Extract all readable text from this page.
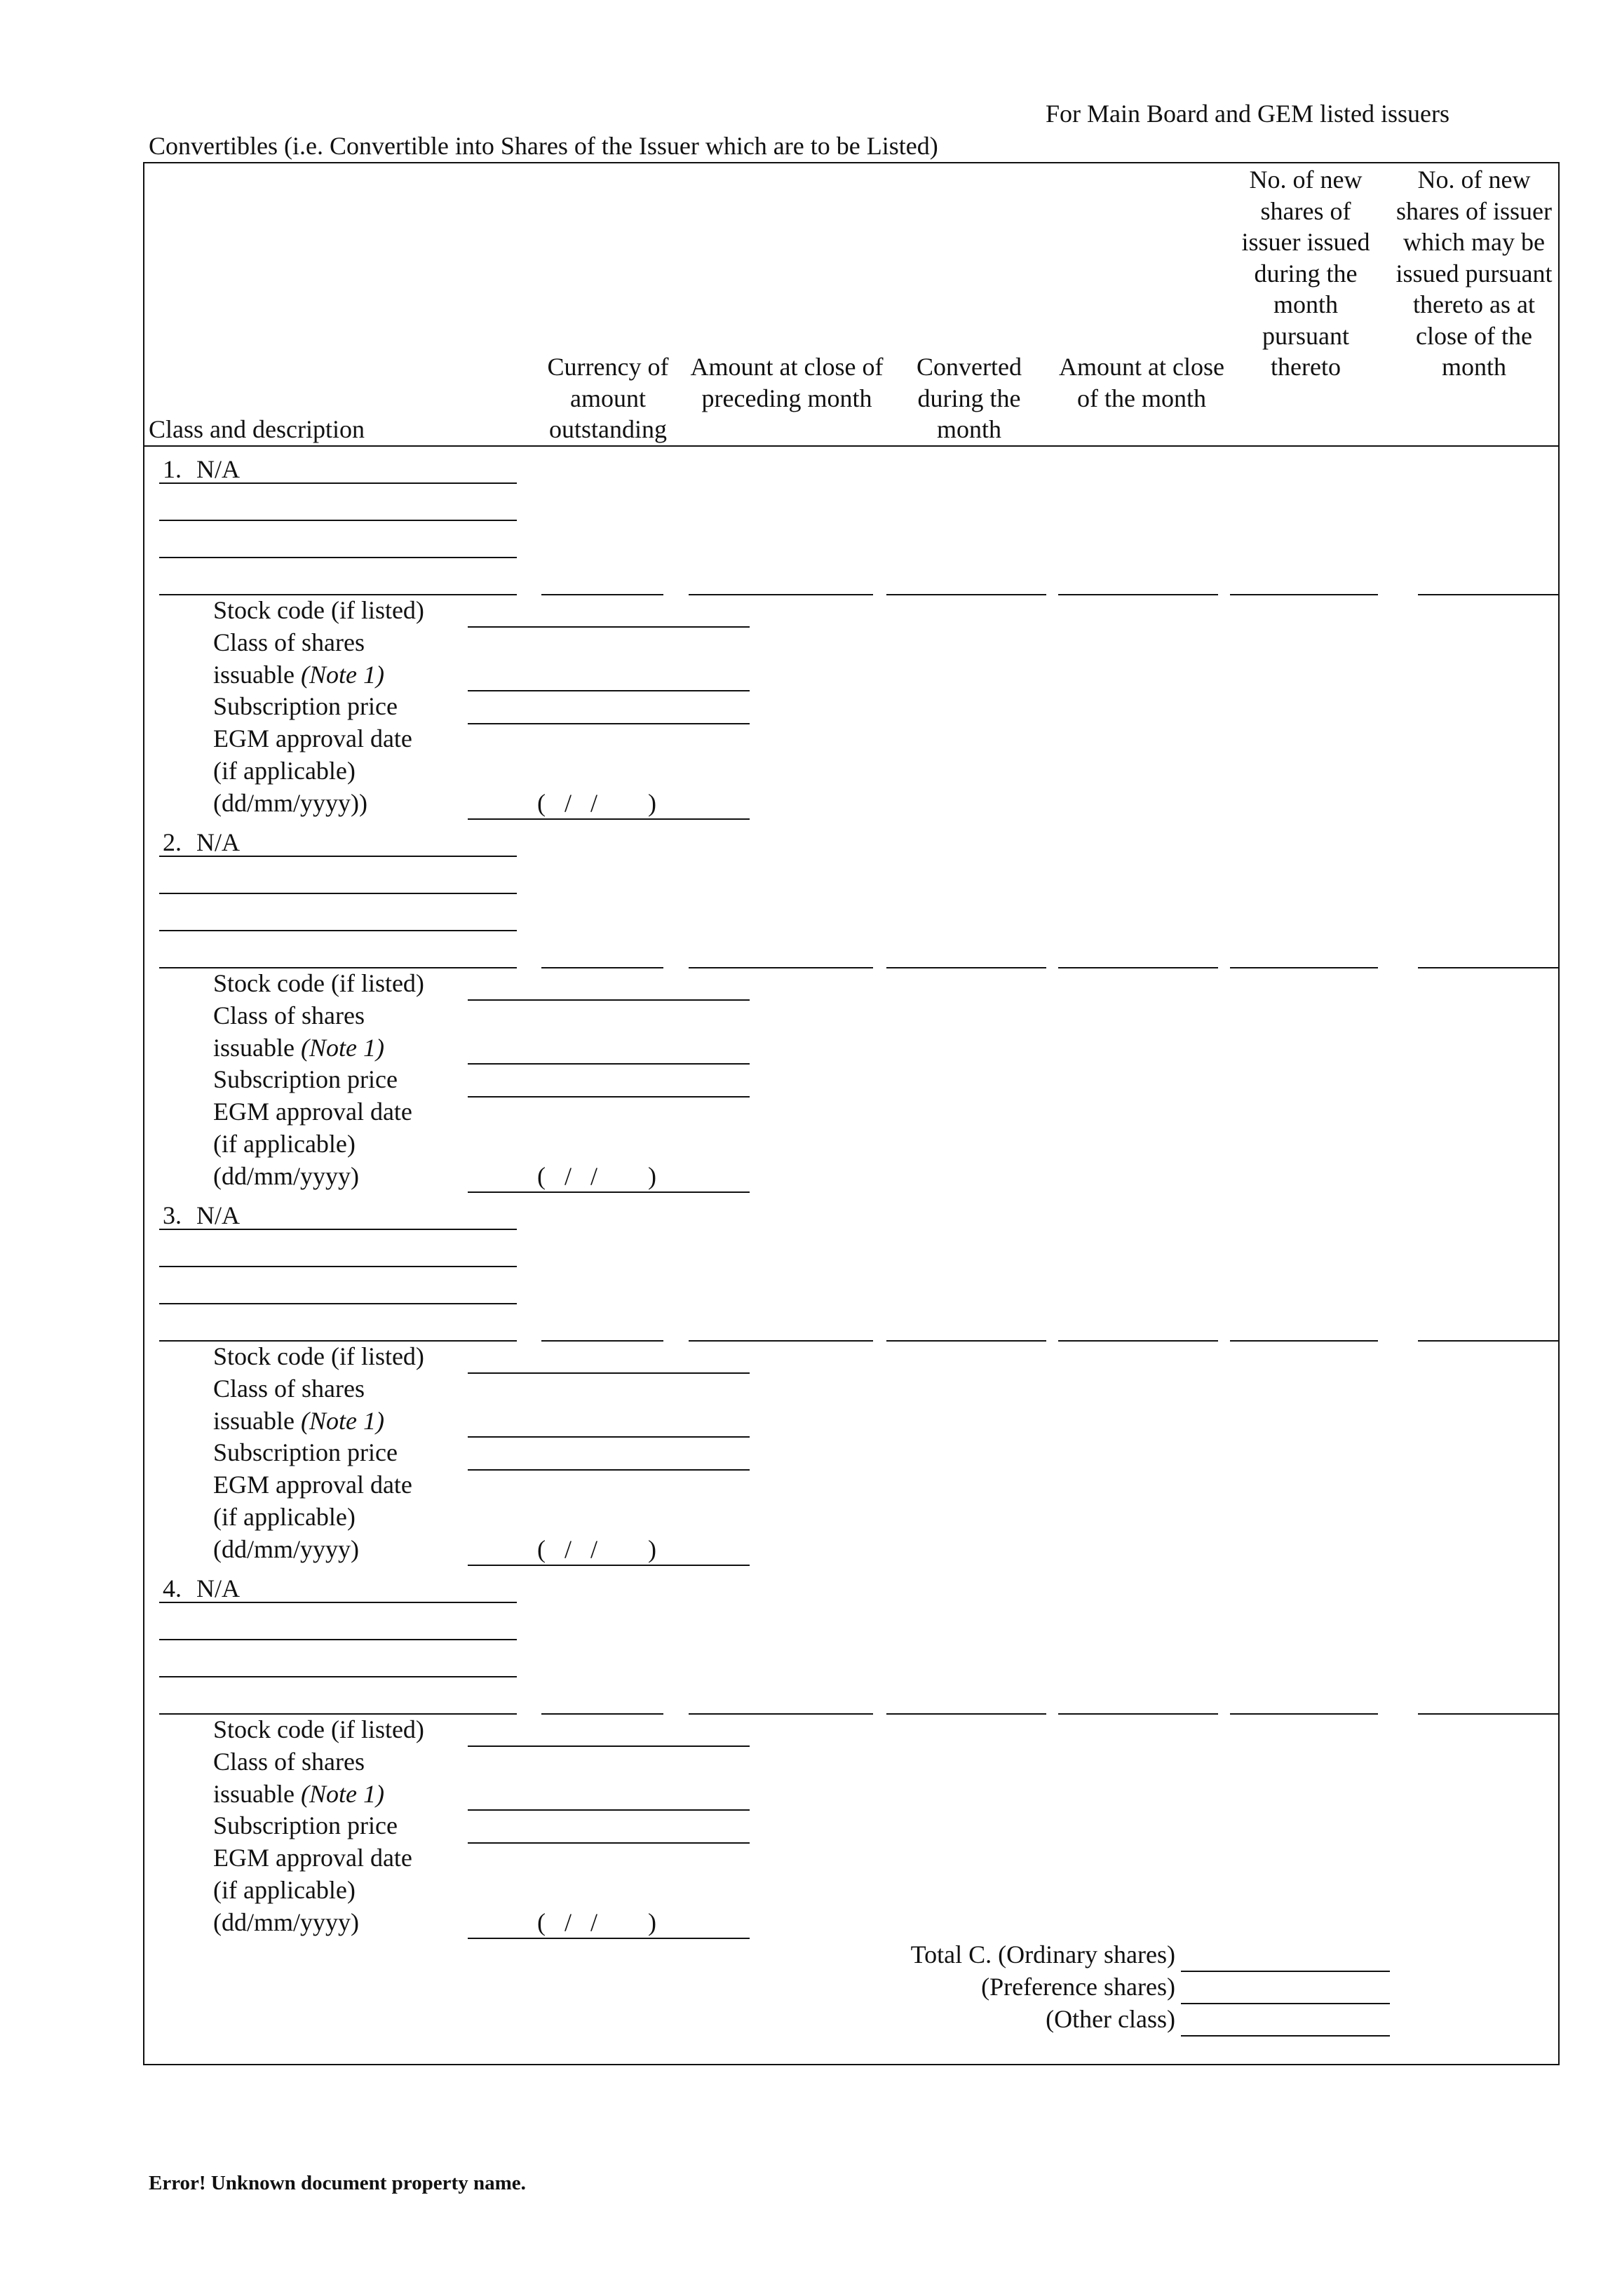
For Main Board and GEM listed issuers
Convertibles (i.e. Convertible into Shares of the Issuer which are to be Listed)
Class and description
Currency of amount outstanding
Amount at close of preceding month
Converted during the month
Amount at close of the month
No. of new shares of issuer issued during the month pursuant thereto
No. of new shares of issuer which may be issued pursuant thereto as at close of the month
1. N/A
Stock code (if listed)
Class of shares
issuable (Note 1)
Subscription price
EGM approval date
(if applicable)
(dd/mm/yyyy))	(   /   /        )
2. N/A
Stock code (if listed)
Class of shares
issuable (Note 1)
Subscription price
EGM approval date
(if applicable)
(dd/mm/yyyy)	(   /   /        )
3. N/A
Stock code (if listed)
Class of shares
issuable (Note 1)
Subscription price
EGM approval date
(if applicable)
(dd/mm/yyyy)	(   /   /        )
4. N/A
Stock code (if listed)
Class of shares
issuable (Note 1)
Subscription price
EGM approval date
(if applicable)
(dd/mm/yyyy)	(   /   /        )
Total C. (Ordinary shares)
(Preference shares)
(Other class)
Error! Unknown document property name.
